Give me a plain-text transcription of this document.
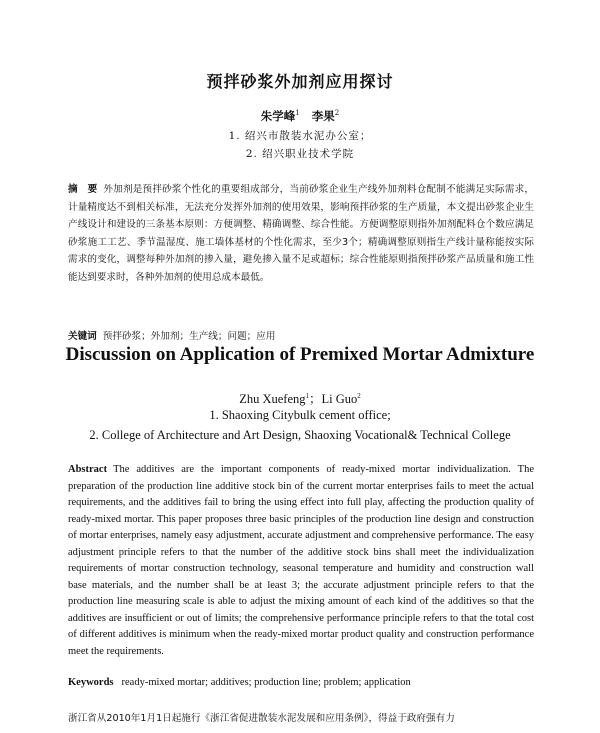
预拌砂浆外加剂应用探讨
朱学峰$^1$ 李果$^2$
1. 绍兴市散装水泥办公室；
2. 绍兴职业技术学院

摘　要 外加剂是预拌砂浆个性化的重要组成部分，当前砂浆企业生产线外加剂料仓配制不能满足实际需求，计量精度达不到相关标准，无法充分发挥外加剂的使用效果，影响预拌砂浆的生产质量，本文提出砂浆企业生产线设计和建设的三条基本原则：方便调整、精确调整、综合性能。方便调整原则指外加剂配料仓个数应满足砂浆施工工艺、季节温湿度、施工墙体基材的个性化需求，至少3个；精确调整原则指生产线计量称能按实际需求的变化，调整每种外加剂的掺入量，避免掺入量不足或超标；综合性能原则指预拌砂浆产品质量和施工性能达到要求时，各种外加剂的使用总成本最低。

关键词 预拌砂浆；外加剂；生产线；问题；应用

Discussion on Application of Premixed Mortar Admixture
Zhu Xuefeng$^1$；Li Guo$^2$
1. Shaoxing Citybulk cement office;
2. College of Architecture and Art Design, Shaoxing Vocational& Technical College

Abstract The additives are the important components of ready-mixed mortar individualization. The preparation of the production line additive stock bin of the current mortar enterprises fails to meet the actual requirements, and the additives fail to bring the using effect into full play, affecting the production quality of ready-mixed mortar. This paper proposes three basic principles of the production line design and construction of mortar enterprises, namely easy adjustment, accurate adjustment and comprehensive performance. The easy adjustment principle refers to that the number of the additive stock bins shall meet the individualization requirements of mortar construction technology, seasonal temperature and humidity and construction wall base materials, and the number shall be at least 3; the accurate adjustment principle refers to that the production line measuring scale is able to adjust the mixing amount of each kind of the additives so that the additives are insufficient or out of limits; the comprehensive performance principle refers to that the total cost of different additives is minimum when the ready-mixed mortar product quality and construction performance meet the requirements.

Keywords ready-mixed mortar; additives; production line; problem; application

浙江省从2010年1月1日起施行《浙江省促进散装水泥发展和应用条例》，得益于政府强有力
